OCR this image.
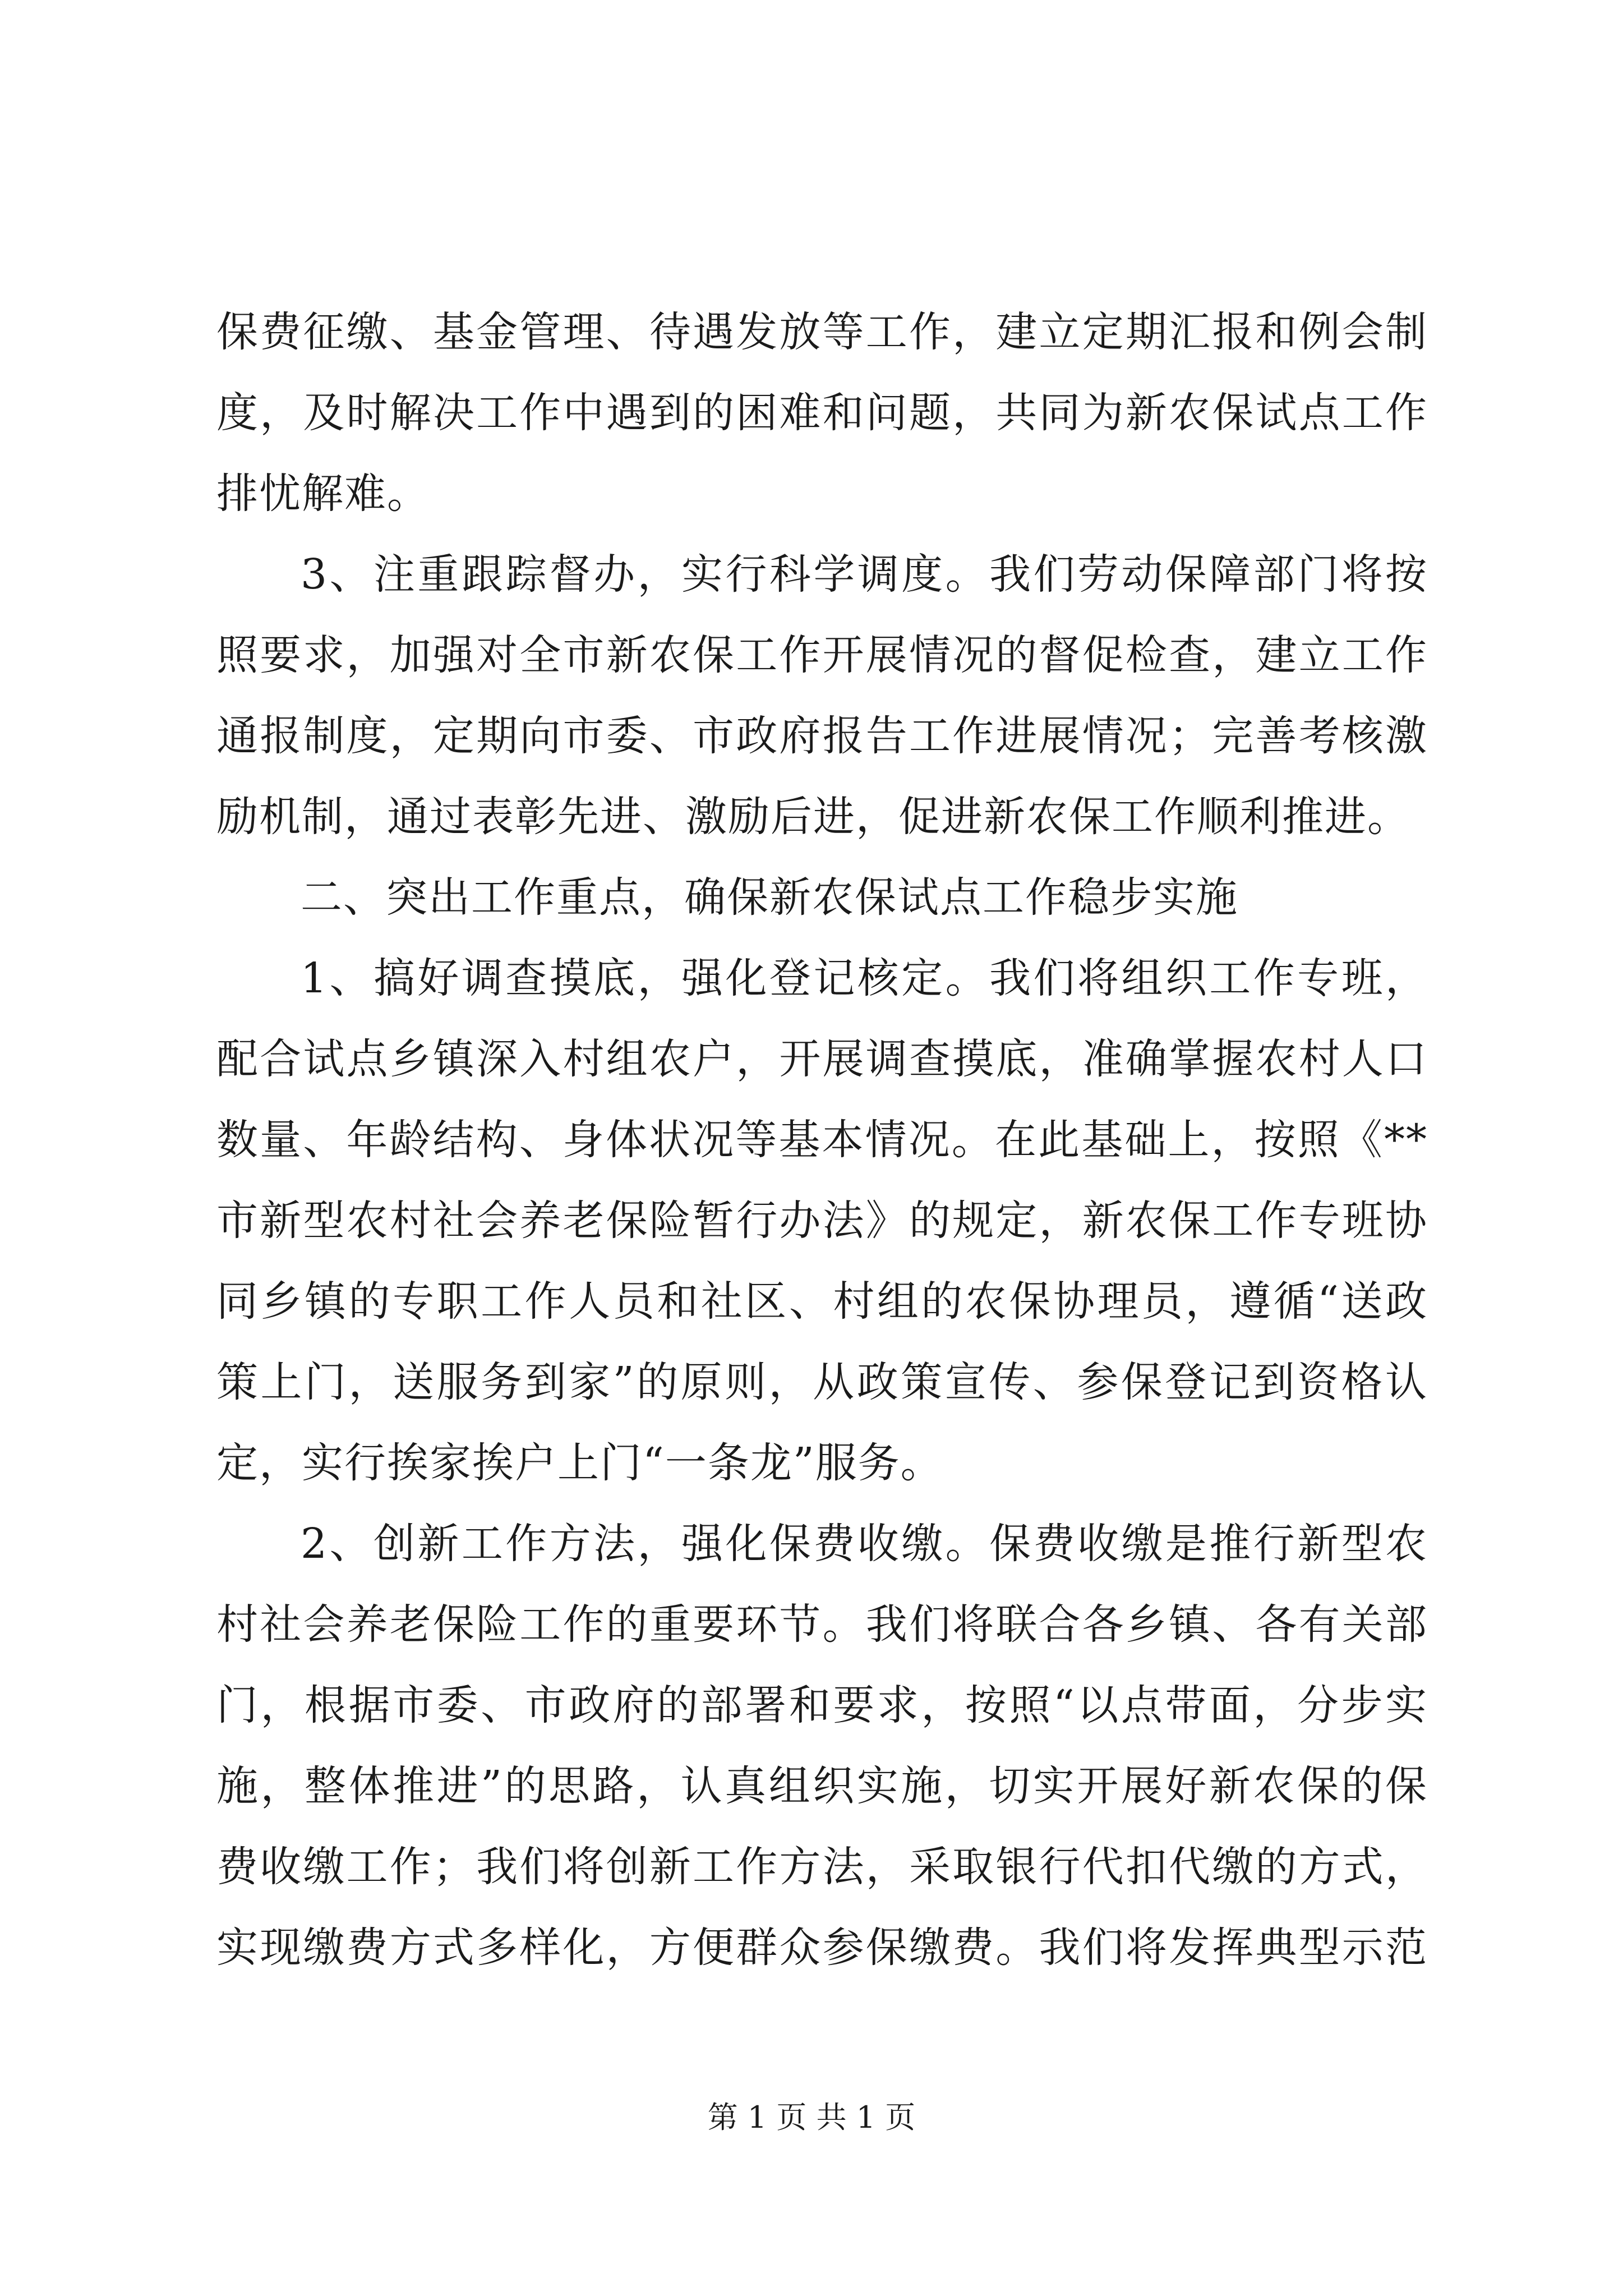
保费征缴、基金管理、待遇发放等工作，建立定期汇报和例会制
度，及时解决工作中遇到的困难和问题，共同为新农保试点工作
排忧解难。
3、注重跟踪督办，实行科学调度。我们劳动保障部门将按
照要求，加强对全市新农保工作开展情况的督促检查，建立工作
通报制度，定期向市委、市政府报告工作进展情况；完善考核激
励机制，通过表彰先进、激励后进，促进新农保工作顺利推进。
二、突出工作重点，确保新农保试点工作稳步实施
1、搞好调查摸底，强化登记核定。我们将组织工作专班，
配合试点乡镇深入村组农户，开展调查摸底，准确掌握农村人口
数量、年龄结构、身体状况等基本情况。在此基础上，按照《**
市新型农村社会养老保险暂行办法》的规定，新农保工作专班协
同乡镇的专职工作人员和社区、村组的农保协理员，遵循“送政
策上门，送服务到家”的原则，从政策宣传、参保登记到资格认
定，实行挨家挨户上门“一条龙”服务。
2、创新工作方法，强化保费收缴。保费收缴是推行新型农
村社会养老保险工作的重要环节。我们将联合各乡镇、各有关部
门，根据市委、市政府的部署和要求，按照“以点带面，分步实
施，整体推进”的思路，认真组织实施，切实开展好新农保的保
费收缴工作；我们将创新工作方法，采取银行代扣代缴的方式，
实现缴费方式多样化，方便群众参保缴费。我们将发挥典型示范
第 1 页 共 1 页
